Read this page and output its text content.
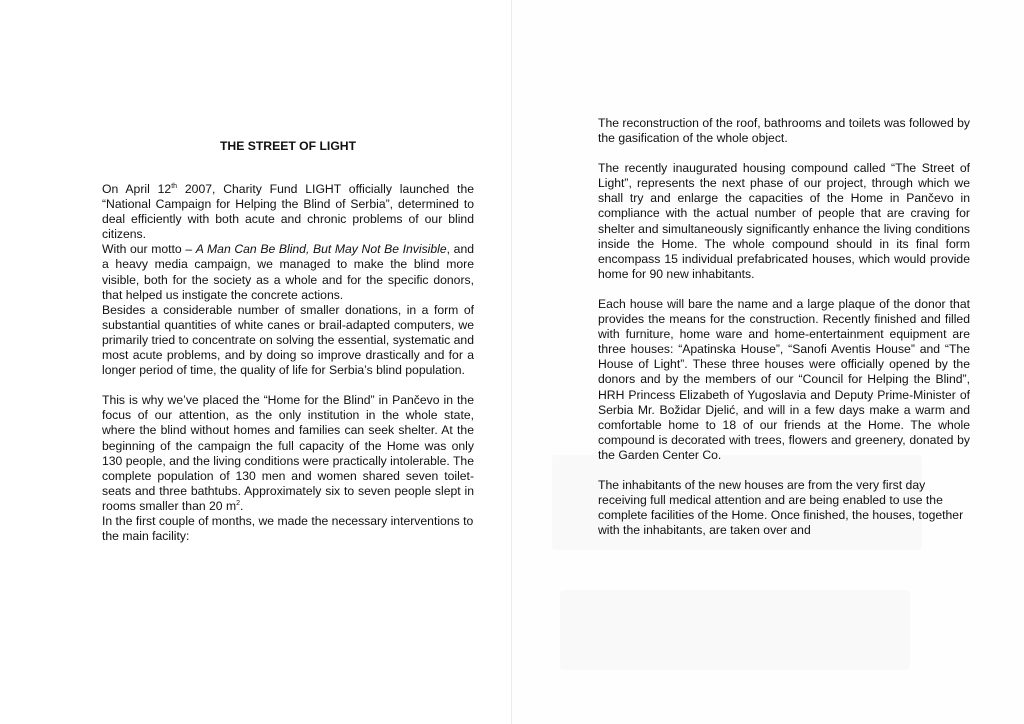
THE STREET OF LIGHT

On April 12th 2007, Charity Fund LIGHT officially launched the “National Campaign for Helping the Blind of Serbia”, determined to deal efficiently with both acute and chronic problems of our blind citizens.

With our motto – A Man Can Be Blind, But May Not Be Invisible, and a heavy media campaign, we managed to make the blind more visible, both for the society as a whole and for the specific donors, that helped us instigate the concrete actions.

Besides a considerable number of smaller donations, in a form of substantial quantities of white canes or brail-adapted computers, we primarily tried to concentrate on solving the essential, systematic and most acute problems, and by doing so improve drastically and for a longer period of time, the quality of life for Serbia’s blind population.

This is why we’ve placed the “Home for the Blind” in Pančevo in the focus of our attention, as the only institution in the whole state, where the blind without homes and families can seek shelter. At the beginning of the campaign the full capacity of the Home was only 130 people, and the living conditions were practically intolerable. The complete population of 130 men and women shared seven toilet-seats and three bathtubs. Approximately six to seven people slept in rooms smaller than 20 $m^2$.

In the first couple of months, we made the necessary interventions to the main facility:

The reconstruction of the roof, bathrooms and toilets was followed by the gasification of the whole object.

The recently inaugurated housing compound called “The Street of Light”, represents the next phase of our project, through which we shall try and enlarge the capacities of the Home in Pančevo in compliance with the actual number of people that are craving for shelter and simultaneously significantly enhance the living conditions inside the Home. The whole compound should in its final form encompass 15 individual prefabricated houses, which would provide home for 90 new inhabitants.

Each house will bare the name and a large plaque of the donor that provides the means for the construction. Recently finished and filled with furniture, home ware and home-entertainment equipment are three houses: “Apatinska House”, “Sanofi Aventis House” and “The House of Light”. These three houses were officially opened by the donors and by the members of our “Council for Helping the Blind”, HRH Princess Elizabeth of Yugoslavia and Deputy Prime-Minister of Serbia Mr. Božidar Djelić, and will in a few days make a warm and comfortable home to 18 of our friends at the Home. The whole compound is decorated with trees, flowers and greenery, donated by the Garden Center Co.

The inhabitants of the new houses are from the very first day receiving full medical attention and are being enabled to use the complete facilities of the Home. Once finished, the houses, together with the inhabitants, are taken over and
